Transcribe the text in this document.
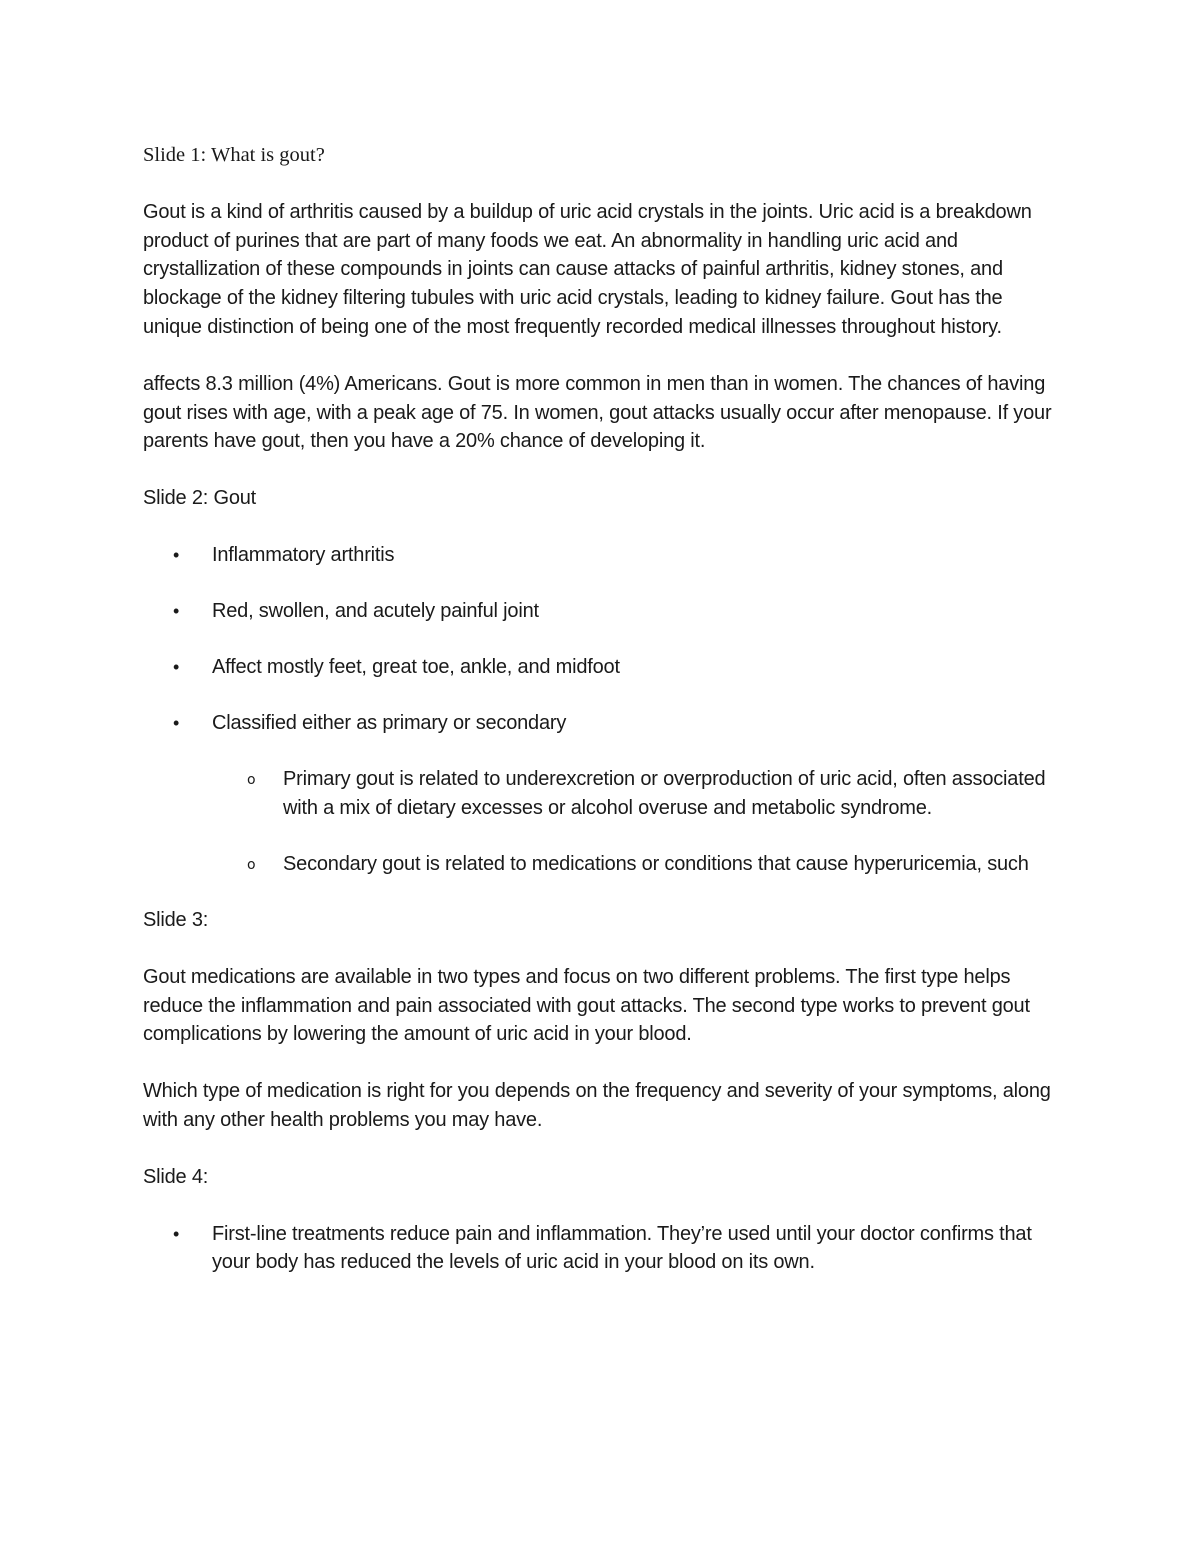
Slide 1: What is gout?

Gout is a kind of arthritis caused by a buildup of uric acid crystals in the joints. Uric acid is a breakdown product of purines that are part of many foods we eat. An abnormality in handling uric acid and crystallization of these compounds in joints can cause attacks of painful arthritis, kidney stones, and blockage of the kidney filtering tubules with uric acid crystals, leading to kidney failure. Gout has the unique distinction of being one of the most frequently recorded medical illnesses throughout history.

affects 8.3 million (4%) Americans. Gout is more common in men than in women. The chances of having gout rises with age, with a peak age of 75. In women, gout attacks usually occur after menopause. If your parents have gout, then you have a 20% chance of developing it.

Slide 2: Gout
• Inflammatory arthritis
• Red, swollen, and acutely painful joint
• Affect mostly feet, great toe, ankle, and midfoot
• Classified either as primary or secondary
o Primary gout is related to underexcretion or overproduction of uric acid, often associated with a mix of dietary excesses or alcohol overuse and metabolic syndrome.
o Secondary gout is related to medications or conditions that cause hyperuricemia, such
Slide 3:

Gout medications are available in two types and focus on two different problems. The first type helps reduce the inflammation and pain associated with gout attacks. The second type works to prevent gout complications by lowering the amount of uric acid in your blood.

Which type of medication is right for you depends on the frequency and severity of your symptoms, along with any other health problems you may have.

Slide 4:
• First-line treatments reduce pain and inflammation. They’re used until your doctor confirms that your body has reduced the levels of uric acid in your blood on its own.
